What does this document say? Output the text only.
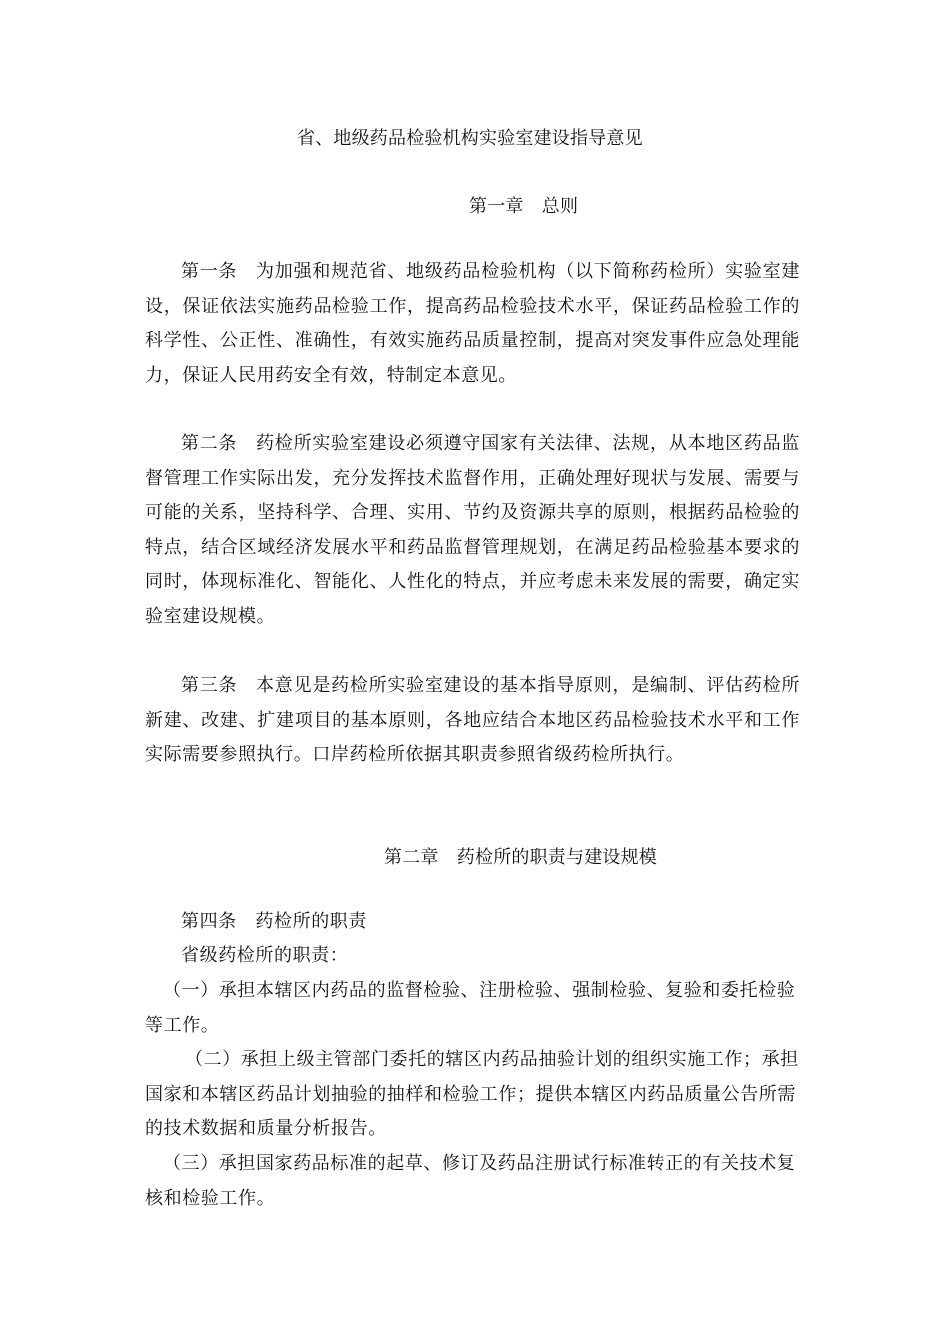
省、地级药品检验机构实验室建设指导意见
第一章　总则
第一条　为加强和规范省、地级药品检验机构（以下简称药检所）实验室建设，保证依法实施药品检验工作，提高药品检验技术水平，保证药品检验工作的科学性、公正性、准确性，有效实施药品质量控制，提高对突发事件应急处理能力，保证人民用药安全有效，特制定本意见。
第二条　药检所实验室建设必须遵守国家有关法律、法规，从本地区药品监督管理工作实际出发，充分发挥技术监督作用，正确处理好现状与发展、需要与可能的关系，坚持科学、合理、实用、节约及资源共享的原则，根据药品检验的特点，结合区域经济发展水平和药品监督管理规划，在满足药品检验基本要求的同时，体现标准化、智能化、人性化的特点，并应考虑未来发展的需要，确定实验室建设规模。
第三条　本意见是药检所实验室建设的基本指导原则，是编制、评估药检所新建、改建、扩建项目的基本原则，各地应结合本地区药品检验技术水平和工作实际需要参照执行。口岸药检所依据其职责参照省级药检所执行。
第二章　药检所的职责与建设规模
第四条　药检所的职责
省级药检所的职责：
（一）承担本辖区内药品的监督检验、注册检验、强制检验、复验和委托检验等工作。
（二）承担上级主管部门委托的辖区内药品抽验计划的组织实施工作；承担国家和本辖区药品计划抽验的抽样和检验工作；提供本辖区内药品质量公告所需的技术数据和质量分析报告。
（三）承担国家药品标准的起草、修订及药品注册试行标准转正的有关技术复核和检验工作。
